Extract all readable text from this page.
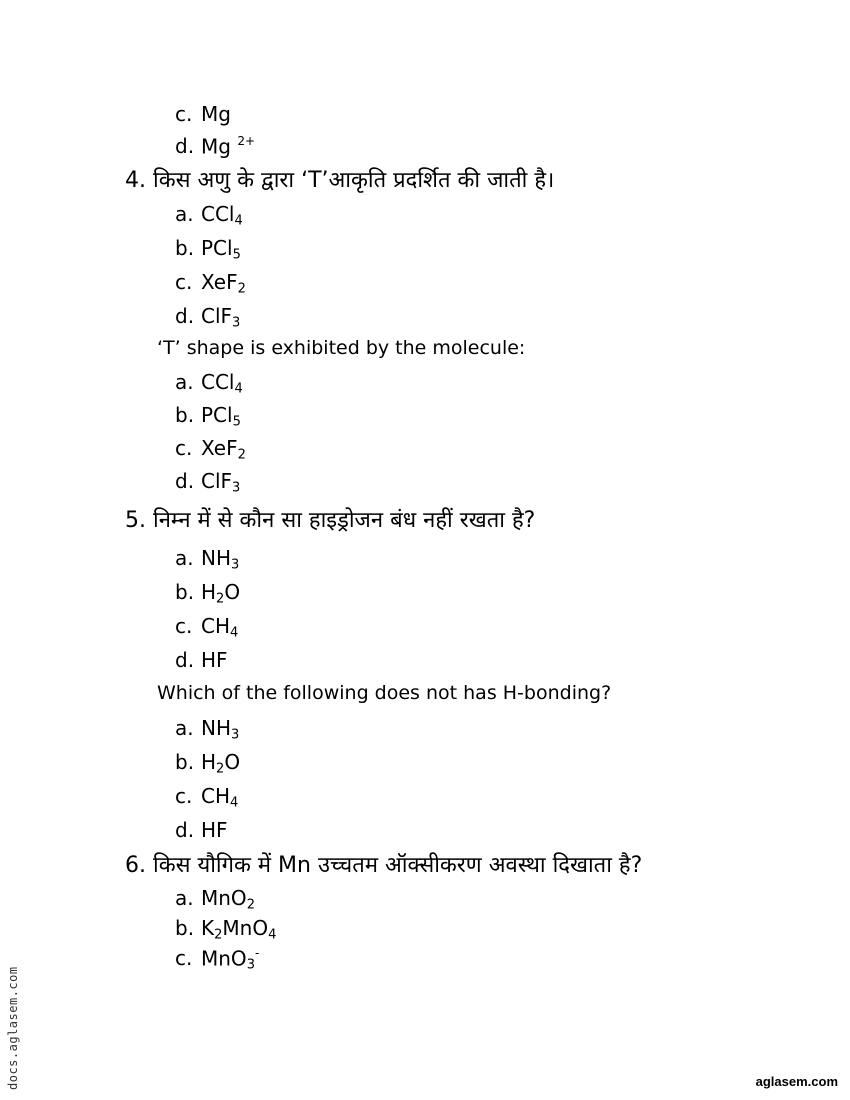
c. Mg
d. Mg $^{2+}$
4. किस अणु के द्वारा ‘T’आकृति प्रदर्शित की जाती है।
a. CCl$_4$
b. PCl$_5$
c. XeF$_2$
d. ClF$_3$
‘T’ shape is exhibited by the molecule:
a. CCl$_4$
b. PCl$_5$
c. XeF$_2$
d. ClF$_3$
5. निम्न में से कौन सा हाइड्रोजन बंध नहीं रखता है?
a. $NH_3$
b. $H_2O$
c. $CH_4$
d. HF
Which of the following does not has H-bonding?
a. $NH_3$
b. $H_2O$
c. $CH_4$
d. HF
6. किस यौगिक में Mn उच्चतम ऑक्सीकरण अवस्था दिखाता है?
a. MnO$_2$
b. $K_2MnO_4$
c. MnO$_3$-
docs.aglasem.com	aglasem.com
